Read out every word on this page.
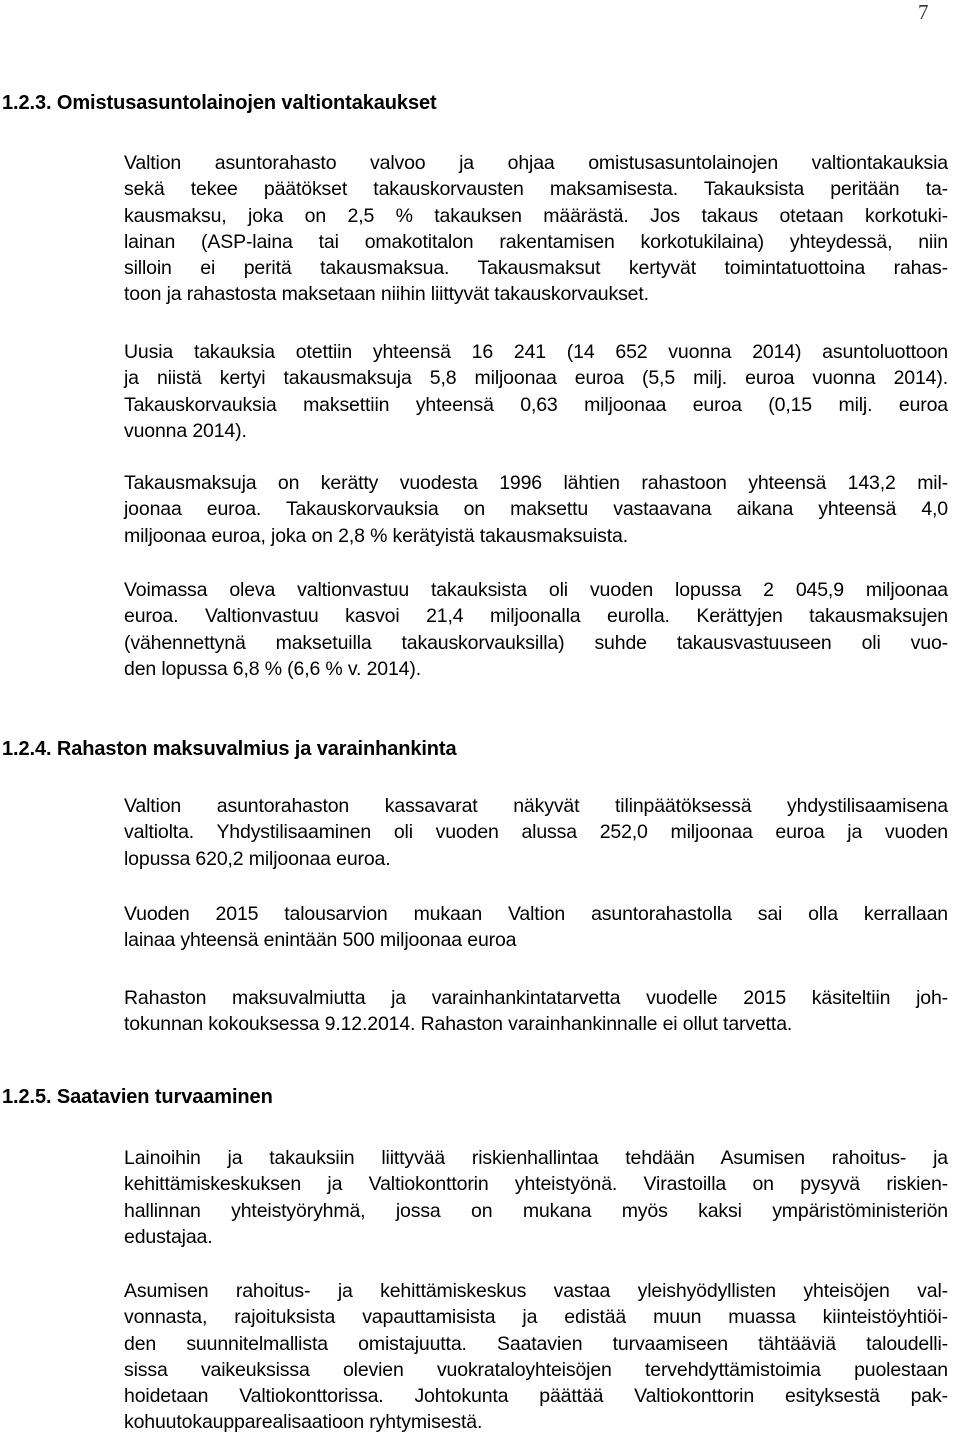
7
1.2.3. Omistusasuntolainojen valtiontakaukset
Valtion asuntorahasto valvoo ja ohjaa omistusasuntolainojen valtiontakauksia
sekä tekee päätökset takauskorvausten maksamisesta. Takauksista peritään ta-
kausmaksu, joka on 2,5 % takauksen määrästä. Jos takaus otetaan korkotuki-
lainan (ASP-laina tai omakotitalon rakentamisen korkotukilaina) yhteydessä, niin
silloin ei peritä takausmaksua. Takausmaksut kertyvät toimintatuottoina rahas-
toon ja rahastosta maksetaan niihin liittyvät takauskorvaukset.
Uusia takauksia otettiin yhteensä 16 241 (14 652 vuonna 2014) asuntoluottoon
ja niistä kertyi takausmaksuja 5,8 miljoonaa euroa (5,5 milj. euroa vuonna 2014).
Takauskorvauksia maksettiin yhteensä 0,63 miljoonaa euroa (0,15 milj. euroa
vuonna 2014).
Takausmaksuja on kerätty vuodesta 1996 lähtien rahastoon yhteensä 143,2 mil-
joonaa euroa. Takauskorvauksia on maksettu vastaavana aikana yhteensä 4,0
miljoonaa euroa, joka on 2,8 % kerätyistä takausmaksuista.
Voimassa oleva valtionvastuu takauksista oli vuoden lopussa 2 045,9 miljoonaa
euroa. Valtionvastuu kasvoi 21,4 miljoonalla eurolla. Kerättyjen takausmaksujen
(vähennettynä maksetuilla takauskorvauksilla) suhde takausvastuuseen oli vuo-
den lopussa 6,8 % (6,6 % v. 2014).
1.2.4. Rahaston maksuvalmius ja varainhankinta
Valtion asuntorahaston kassavarat näkyvät tilinpäätöksessä yhdystilisaamisena
valtiolta. Yhdystilisaaminen oli vuoden alussa 252,0 miljoonaa euroa ja vuoden
lopussa 620,2 miljoonaa euroa.
Vuoden 2015 talousarvion mukaan Valtion asuntorahastolla sai olla kerrallaan
lainaa yhteensä enintään 500 miljoonaa euroa
Rahaston maksuvalmiutta ja varainhankintatarvetta vuodelle 2015 käsiteltiin joh-
tokunnan kokouksessa 9.12.2014. Rahaston varainhankinnalle ei ollut tarvetta.
1.2.5. Saatavien turvaaminen
Lainoihin ja takauksiin liittyvää riskienhallintaa tehdään Asumisen rahoitus- ja
kehittämiskeskuksen ja Valtiokonttorin yhteistyönä. Virastoilla on pysyvä riskien-
hallinnan yhteistyöryhmä, jossa on mukana myös kaksi ympäristöministeriön
edustajaa.
Asumisen rahoitus- ja kehittämiskeskus vastaa yleishyödyllisten yhteisöjen val-
vonnasta, rajoituksista vapauttamisista ja edistää muun muassa kiinteistöyhtiöi-
den suunnitelmallista omistajuutta. Saatavien turvaamiseen tähtääviä taloudelli-
sissa vaikeuksissa olevien vuokrataloyhteisöjen tervehdyttämistoimia puolestaan
hoidetaan Valtiokonttorissa. Johtokunta päättää Valtiokonttorin esityksestä pak-
kohuutokaupparealisaatioon ryhtymisestä.
